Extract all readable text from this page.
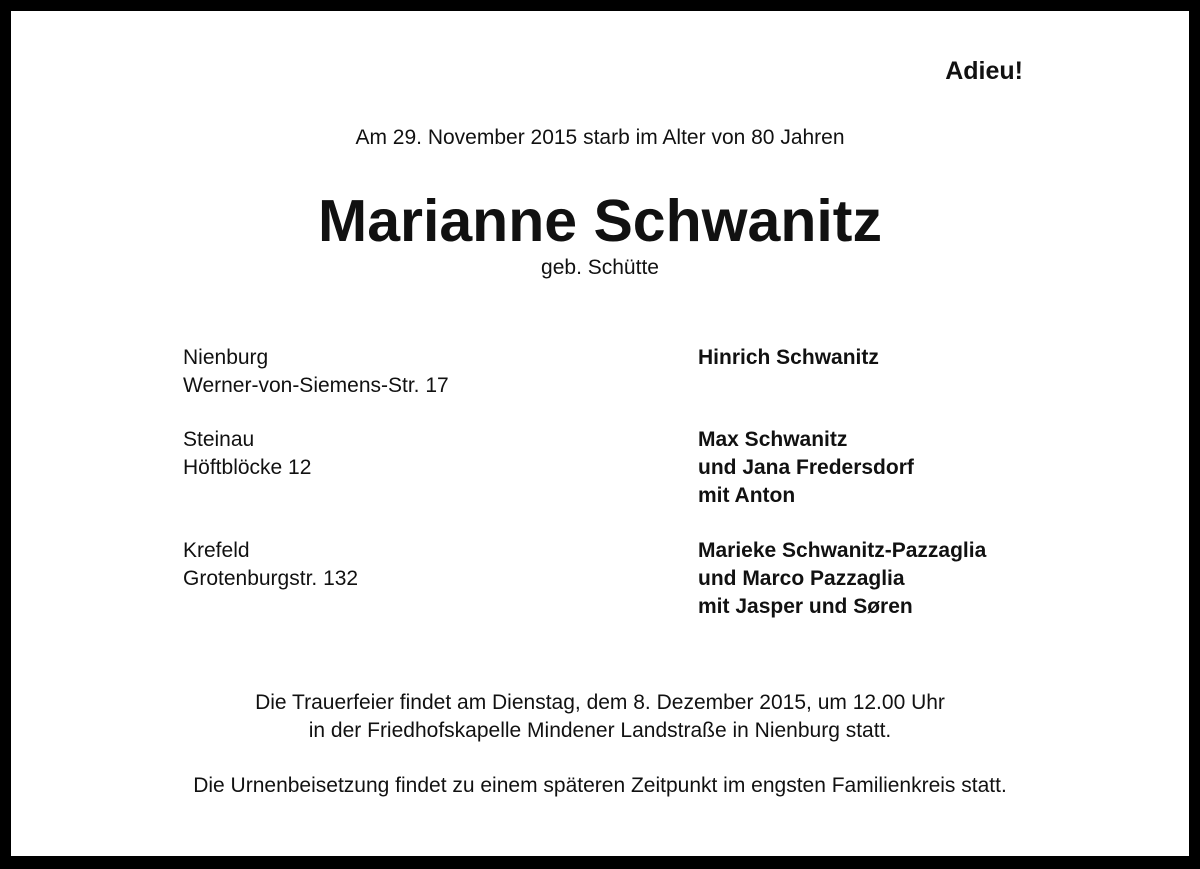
Adieu!
Am 29. November 2015 starb im Alter von 80 Jahren
Marianne Schwanitz
geb. Schütte
Nienburg
Werner-von-Siemens-Str. 17
Hinrich Schwanitz
Steinau
Höftblöcke 12
Max Schwanitz
und Jana Fredersdorf
mit Anton
Krefeld
Grotenburgstr. 132
Marieke Schwanitz-Pazzaglia
und Marco Pazzaglia
mit Jasper und Søren
Die Trauerfeier findet am Dienstag, dem 8. Dezember 2015, um 12.00 Uhr
in der Friedhofskapelle Mindener Landstraße in Nienburg statt.
Die Urnenbeisetzung findet zu einem späteren Zeitpunkt im engsten Familienkreis statt.
